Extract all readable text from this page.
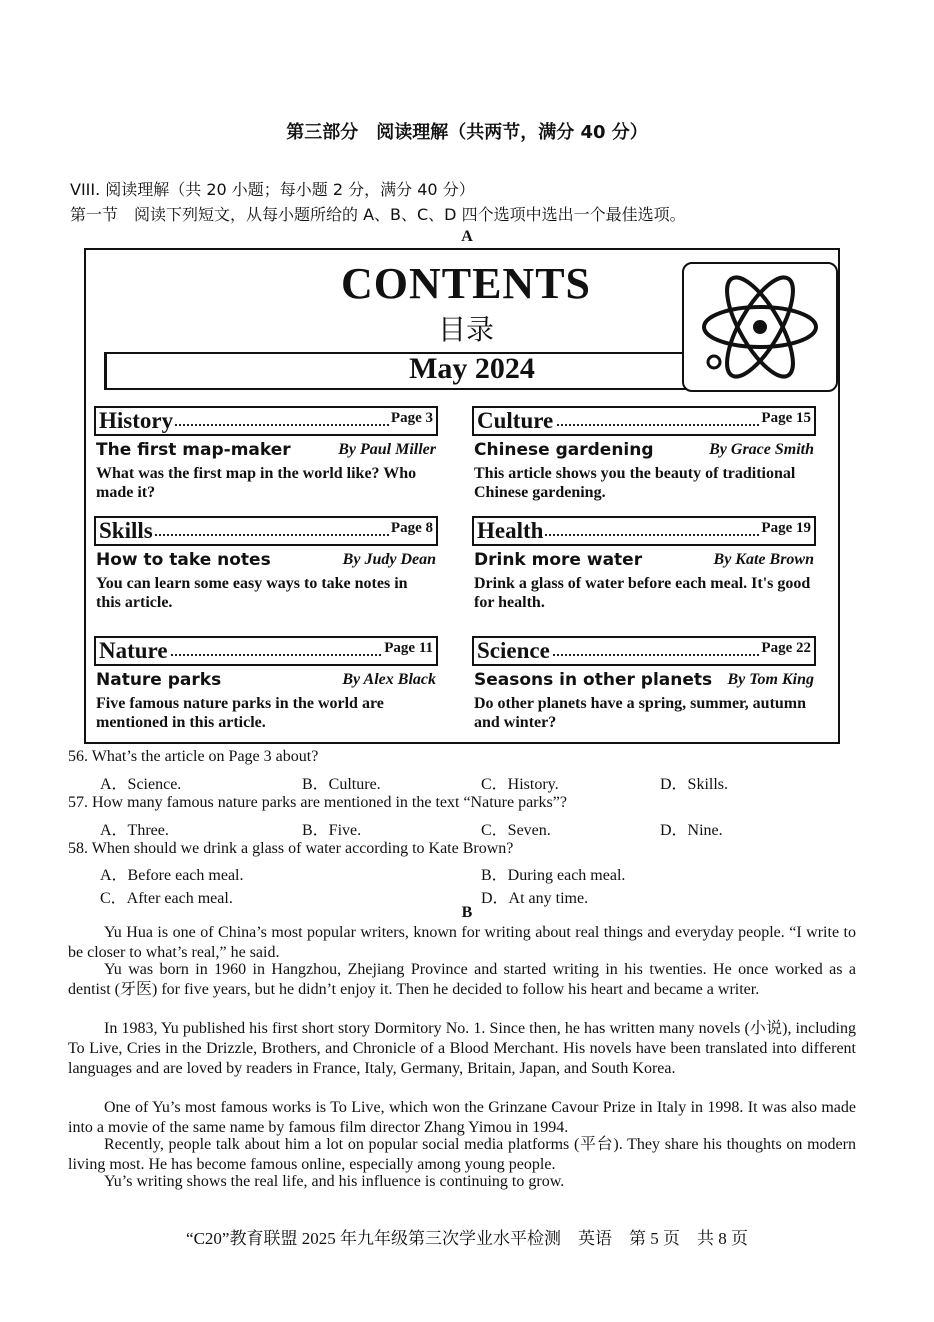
第三部分　阅读理解（共两节，满分 40 分）
VIII. 阅读理解（共 20 小题；每小题 2 分，满分 40 分）
第一节　阅读下列短文，从每小题所给的 A、B、C、D 四个选项中选出一个最佳选项。
A
CONTENTS
目录
May 2024
History	Page 3
The first map-maker	By Paul Miller
What was the first map in the world like? Who made it?
Culture	Page 15
Chinese gardening	By Grace Smith
This article shows you the beauty of traditional Chinese gardening.
Skills	Page 8
How to take notes	By Judy Dean
You can learn some easy ways to take notes in this article.
Health	Page 19
Drink more water	By Kate Brown
Drink a glass of water before each meal. It's good for health.
Nature	Page 11
Nature parks	By Alex Black
Five famous nature parks in the world are mentioned in this article.
Science	Page 22
Seasons in other planets By Tom King
Do other planets have a spring, summer, autumn and winter?
56. What’s the article on Page 3 about?
A．Science.	B．Culture.	C．History.	D．Skills.
57. How many famous nature parks are mentioned in the text “Nature parks”?
A．Three.	B．Five.	C．Seven.	D．Nine.
58. When should we drink a glass of water according to Kate Brown?
A．Before each meal.	B．During each meal.
C．After each meal.	D．At any time.
B
Yu Hua is one of China’s most popular writers, known for writing about real things and everyday people. “I write to be closer to what’s real,” he said.
Yu was born in 1960 in Hangzhou, Zhejiang Province and started writing in his twenties. He once worked as a dentist (牙医) for five years, but he didn’t enjoy it. Then he decided to follow his heart and became a writer.
In 1983, Yu published his first short story Dormitory No. 1. Since then, he has written many novels (小说), including To Live, Cries in the Drizzle, Brothers, and Chronicle of a Blood Merchant. His novels have been translated into different languages and are loved by readers in France, Italy, Germany, Britain, Japan, and South Korea.
One of Yu’s most famous works is To Live, which won the Grinzane Cavour Prize in Italy in 1998. It was also made into a movie of the same name by famous film director Zhang Yimou in 1994.
Recently, people talk about him a lot on popular social media platforms (平台). They share his thoughts on modern living most. He has become famous online, especially among young people.
Yu’s writing shows the real life, and his influence is continuing to grow.
“C20”教育联盟 2025 年九年级第三次学业水平检测　英语　第 5 页　共 8 页
